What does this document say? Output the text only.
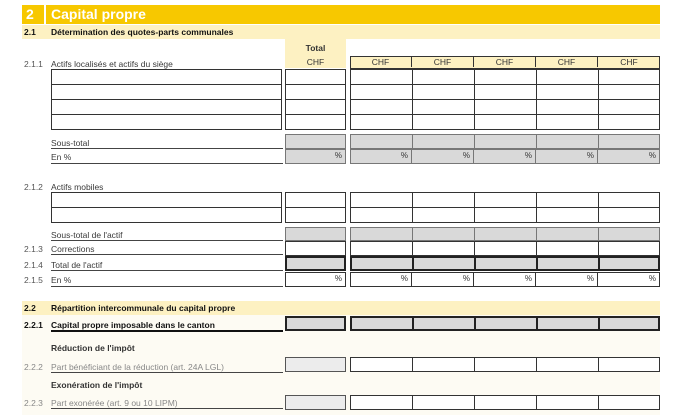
2 Capital propre
2.1 Détermination des quotes-parts communales
Total
CHF	CHF	CHF	CHF	CHF	CHF
2.1.1 Actifs localisés et actifs du siège
Sous-total
En %	%	%	%	%	%	%
2.1.2 Actifs mobiles
Sous-total de l'actif
2.1.3 Corrections
2.1.4 Total de l'actif
2.1.5 En %	%	%	%	%	%	%
2.2 Répartition intercommunale du capital propre
2.2.1 Capital propre imposable dans le canton
Réduction de l'impôt
2.2.2 Part bénéficiant de la réduction (art. 24A LGL)
Exonération de l'impôt
2.2.3 Part exonérée (art. 9 ou 10 LIPM)
